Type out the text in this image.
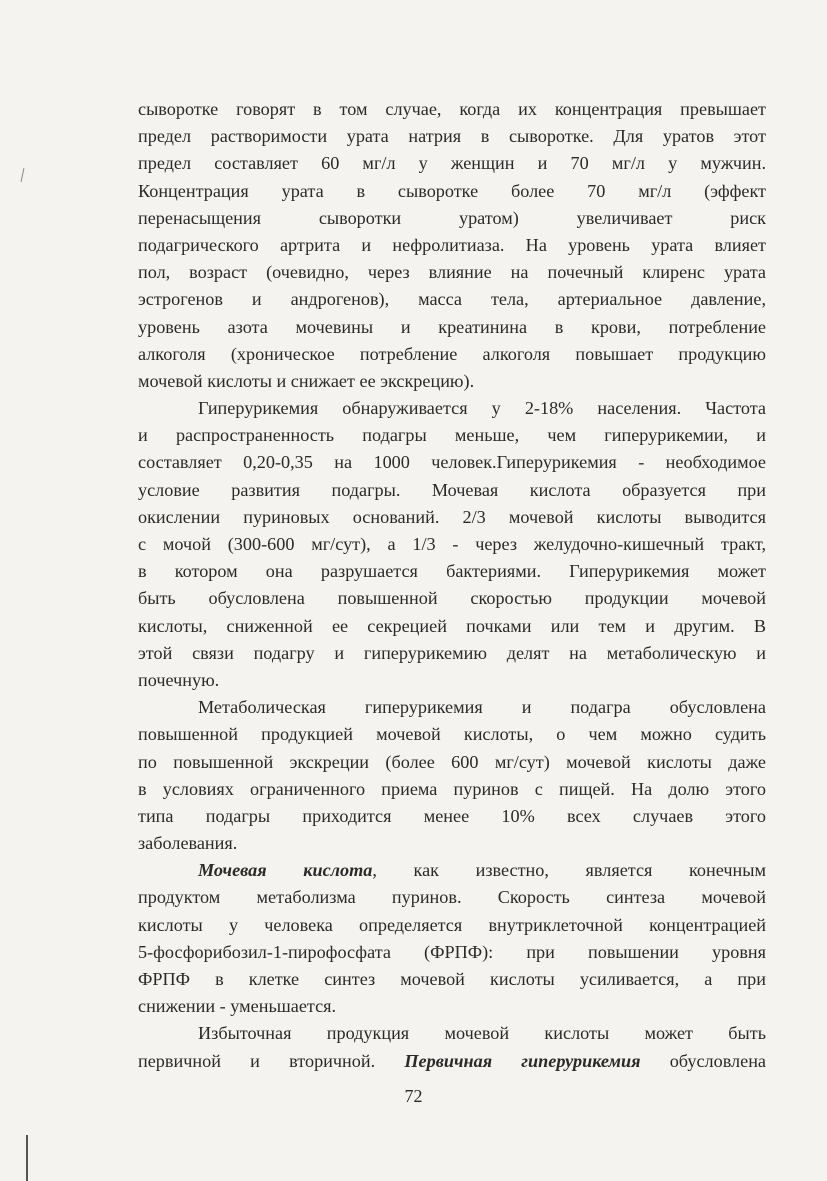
сыворотке говорят в том случае, когда их концентрация превышает
предел растворимости урата натрия в сыворотке. Для уратов этот
предел составляет 60 мг/л у женщин и 70 мг/л у мужчин.
Концентрация урата в сыворотке более 70 мг/л (эффект
перенасыщения сыворотки уратом) увеличивает риск
подагрического артрита и нефролитиаза. На уровень урата влияет
пол, возраст (очевидно, через влияние на почечный клиренс урата
эстрогенов и андрогенов), масса тела, артериальное давление,
уровень азота мочевины и креатинина в крови, потребление
алкоголя (хроническое потребление алкоголя повышает продукцию
мочевой кислоты и снижает ее экскрецию).
Гиперурикемия обнаруживается у 2-18% населения. Частота
и распространенность подагры меньше, чем гиперурикемии, и
составляет 0,20-0,35 на 1000 человек.Гиперурикемия - необходимое
условие развития подагры. Мочевая кислота образуется при
окислении пуриновых оснований. 2/3 мочевой кислоты выводится
с мочой (300-600 мг/сут), а 1/3 - через желудочно-кишечный тракт,
в котором она разрушается бактериями. Гиперурикемия может
быть обусловлена повышенной скоростью продукции мочевой
кислоты, сниженной ее секрецией почками или тем и другим. В
этой связи подагру и гиперурикемию делят на метаболическую и
почечную.
Метаболическая гиперурикемия и подагра обусловлена
повышенной продукцией мочевой кислоты, о чем можно судить
по повышенной экскреции (более 600 мг/сут) мочевой кислоты даже
в условиях ограниченного приема пуринов с пищей. На долю этого
типа подагры приходится менее 10% всех случаев этого
заболевания.
Мочевая кислота, как известно, является конечным
продуктом метаболизма пуринов. Скорость синтеза мочевой
кислоты у человека определяется внутриклеточной концентрацией
5-фосфорибозил-1-пирофосфата (ФРПФ): при повышении уровня
ФРПФ в клетке синтез мочевой кислоты усиливается, а при
снижении - уменьшается.
Избыточная продукция мочевой кислоты может быть
первичной и вторичной. Первичная гиперурикемия обусловлена
72
